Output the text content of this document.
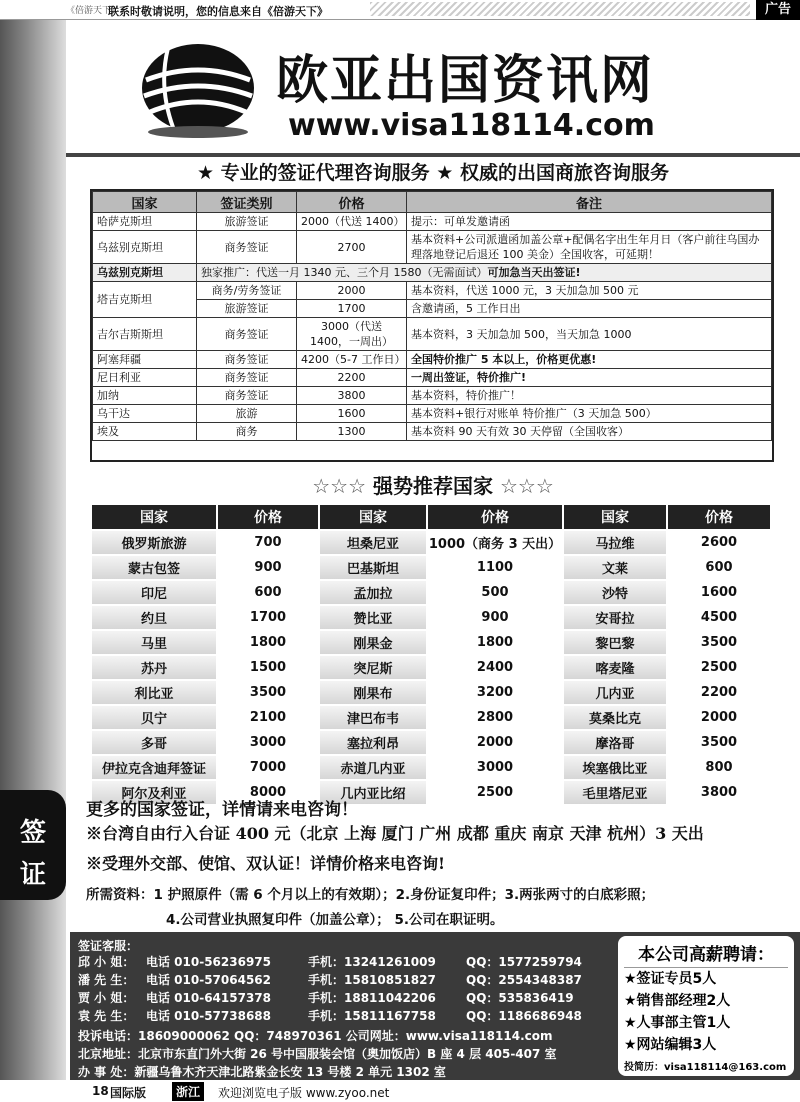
《倍游天下》
联系时敬请说明，您的信息来自《倍游天下》	广告
签
证
欧亚出国资讯网
www.visa118114.com
★ 专业的签证代理咨询服务 ★ 权威的出国商旅咨询服务
国家	签证类别	价格	备注
哈萨克斯坦	旅游签证	2000（代送 1400）	提示：可单发邀请函
乌兹别克斯坦	商务签证	2700	基本资料+公司派遣函加盖公章+配偶名字出生年月日（客户前往乌国办理落地登记后退还 100 美金）全国收客，可延期！
乌兹别克斯坦	独家推广：代送一月 1340 元、三个月 1580（无需面试）可加急当天出签证!		
塔吉克斯坦	商务/劳务签证	2000	基本资料，代送 1000 元，3 天加急加 500 元
	旅游签证	1700	含邀请函，5 工作日出
吉尔吉斯斯坦	商务签证	3000（代送 1400，一周出）	基本资料，3 天加急加 500，当天加急 1000
阿塞拜疆	商务签证	4200（5-7 工作日）	全国特价推广 5 本以上，价格更优惠!
尼日利亚	商务签证	2200	一周出签证，特价推广!
加纳	商务签证	3800	基本资料，特价推广！
乌干达	旅游	1600	基本资料+银行对账单 特价推广（3 天加急 500）
埃及	商务	1300	基本资料 90 天有效 30 天停留（全国收客）
☆☆☆ 强势推荐国家 ☆☆☆
国家	价格	国家	价格	国家	价格
俄罗斯旅游	700	坦桑尼亚	1000（商务 3 天出）	马拉维	2600
蒙古包签	900	巴基斯坦	1100	文莱	600
印尼	600	孟加拉	500	沙特	1600
约旦	1700	赞比亚	900	安哥拉	4500
马里	1800	刚果金	1800	黎巴黎	3500
苏丹	1500	突尼斯	2400	喀麦隆	2500
利比亚	3500	刚果布	3200	几内亚	2200
贝宁	2100	津巴布韦	2800	莫桑比克	2000
多哥	3000	塞拉利昂	2000	摩洛哥	3500
伊拉克含迪拜签证	7000	赤道几内亚	3000	埃塞俄比亚	800
阿尔及利亚	8000	几内亚比绍	2500	毛里塔尼亚	3800
更多的国家签证，详情请来电咨询！
※台湾自由行入台证 400 元（北京 上海 厦门 广州 成都 重庆 南京 天津 杭州）3 天出
※受理外交部、使馆、双认证！详情价格来电咨询!
所需资料：1 护照原件（需 6 个月以上的有效期）；2.身份证复印件；3.两张两寸的白底彩照；
4.公司营业执照复印件（加盖公章）； 5.公司在职证明。
签证客服：
邱 小 姐： 电话 010-56236975	手机：13241261009	QQ：1577259794
潘 先 生： 电话 010-57064562	手机：15810851827	QQ：2554348387
贾 小 姐： 电话 010-64157378	手机：18811042206	QQ：535836419
袁 先 生： 电话 010-57738688	手机：15811167758	QQ：1186686948
投诉电话：18609000062 QQ：748970361 公司网址：www.visa118114.com
北京地址：北京市东直门外大街 26 号中国服装会馆（奥加饭店）B 座 4 层 405-407 室
办 事 处：新疆乌鲁木齐天津北路紫金长安 13 号楼 2 单元 1302 室
本公司高薪聘请：
★签证专员5人
★销售部经理2人
★人事部主管1人
★网站编辑3人
投简历：visa118114@163.com
18 国际版	浙江	欢迎浏览电子版 www.zyoo.net
